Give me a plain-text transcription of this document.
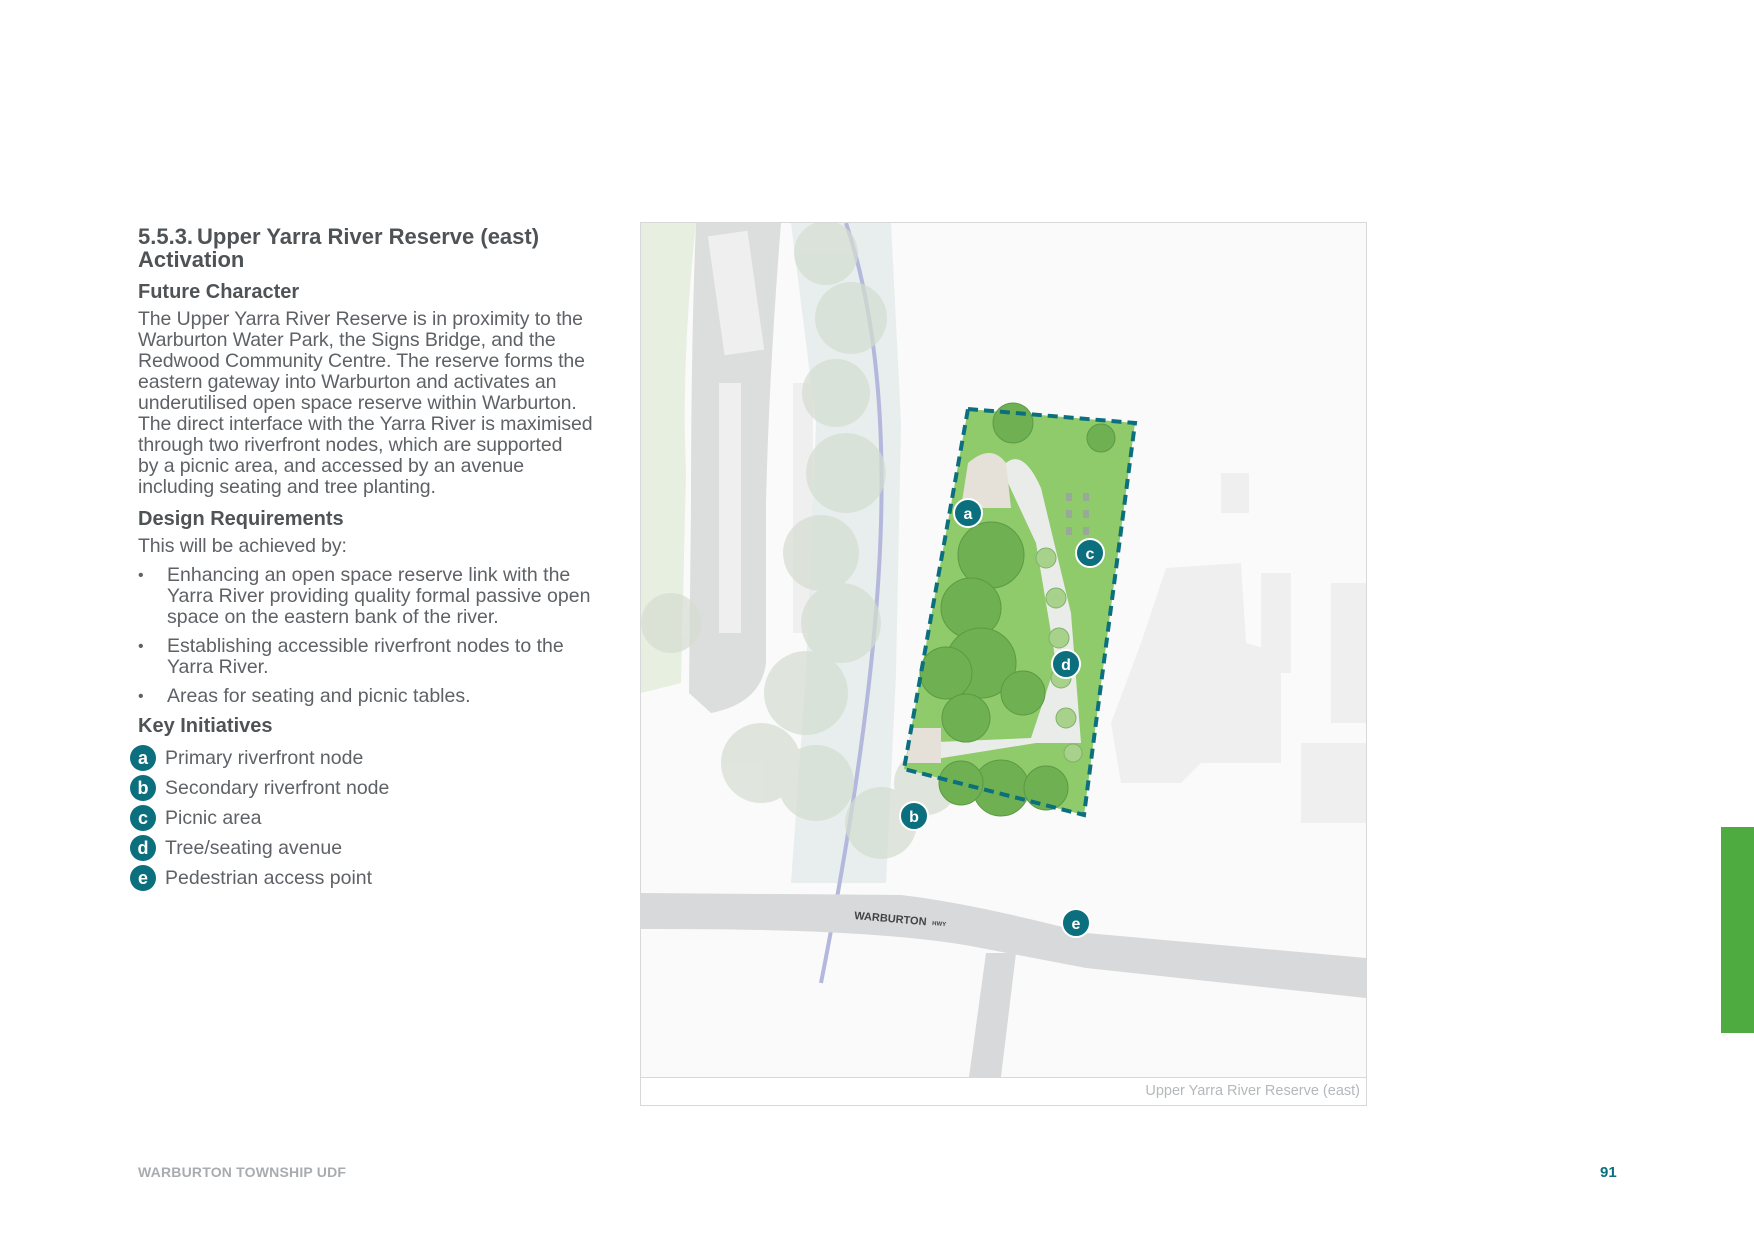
5.5.3. Upper Yarra River Reserve (east)
Activation
Future Character
The Upper Yarra River Reserve is in proximity to the
Warburton Water Park, the Signs Bridge, and the
Redwood Community Centre. The reserve forms the
eastern gateway into Warburton and activates an
underutilised open space reserve within Warburton.
The direct interface with the Yarra River is maximised
through two riverfront nodes, which are supported
by a picnic area, and accessed by an avenue
including seating and tree planting.
Design Requirements
This will be achieved by:
• Enhancing an open space reserve link with the
Yarra River providing quality formal passive open
space on the eastern bank of the river.
• Establishing accessible riverfront nodes to the
Yarra River.
• Areas for seating and picnic tables.
Key Initiatives
a Primary riverfront node
b Secondary riverfront node
c Picnic area
d Tree/seating avenue
e Pedestrian access point
WARBURTON HWY
a
b
c
d
e
Upper Yarra River Reserve (east)
WARBURTON TOWNSHIP UDF	91
